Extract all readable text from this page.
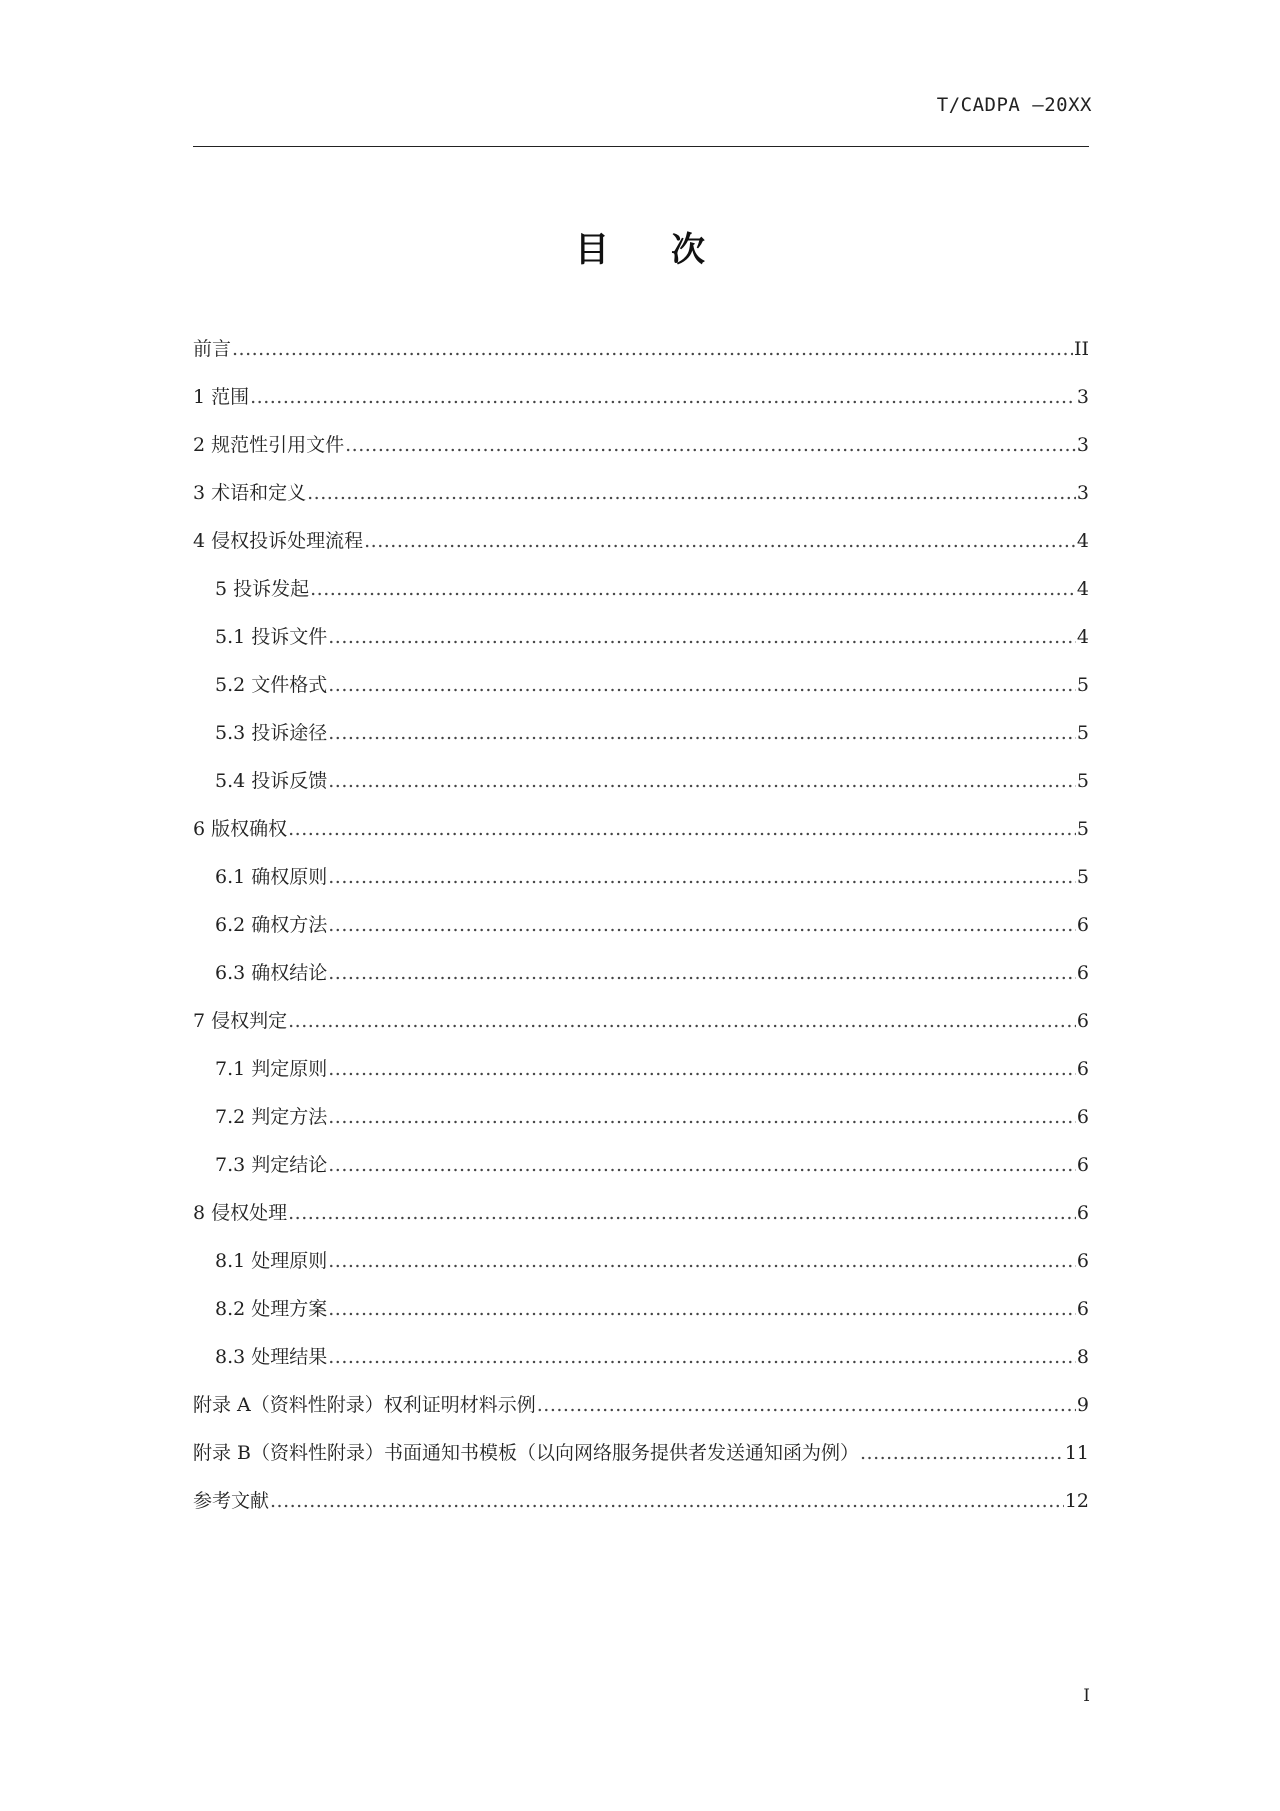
T/CADPA —20XX
目次
前言 .....	II
1 范围 .....	3
2 规范性引用文件 .....	3
3 术语和定义 .....	3
4 侵权投诉处理流程 .....	4
5 投诉发起 .....	4
5.1 投诉文件 .....	4
5.2 文件格式 .....	5
5.3 投诉途径 .....	5
5.4 投诉反馈 .....	5
6 版权确权 .....	5
6.1 确权原则 .....	5
6.2 确权方法 .....	6
6.3 确权结论 .....	6
7 侵权判定 .....	6
7.1 判定原则 .....	6
7.2 判定方法 .....	6
7.3 判定结论 .....	6
8 侵权处理 .....	6
8.1 处理原则 .....	6
8.2 处理方案 .....	6
8.3 处理结果 .....	8
附录 A（资料性附录）权利证明材料示例 .....	9
附录 B（资料性附录）书面通知书模板（以向网络服务提供者发送通知函为例） .....	11
参考文献 .....	12
I
